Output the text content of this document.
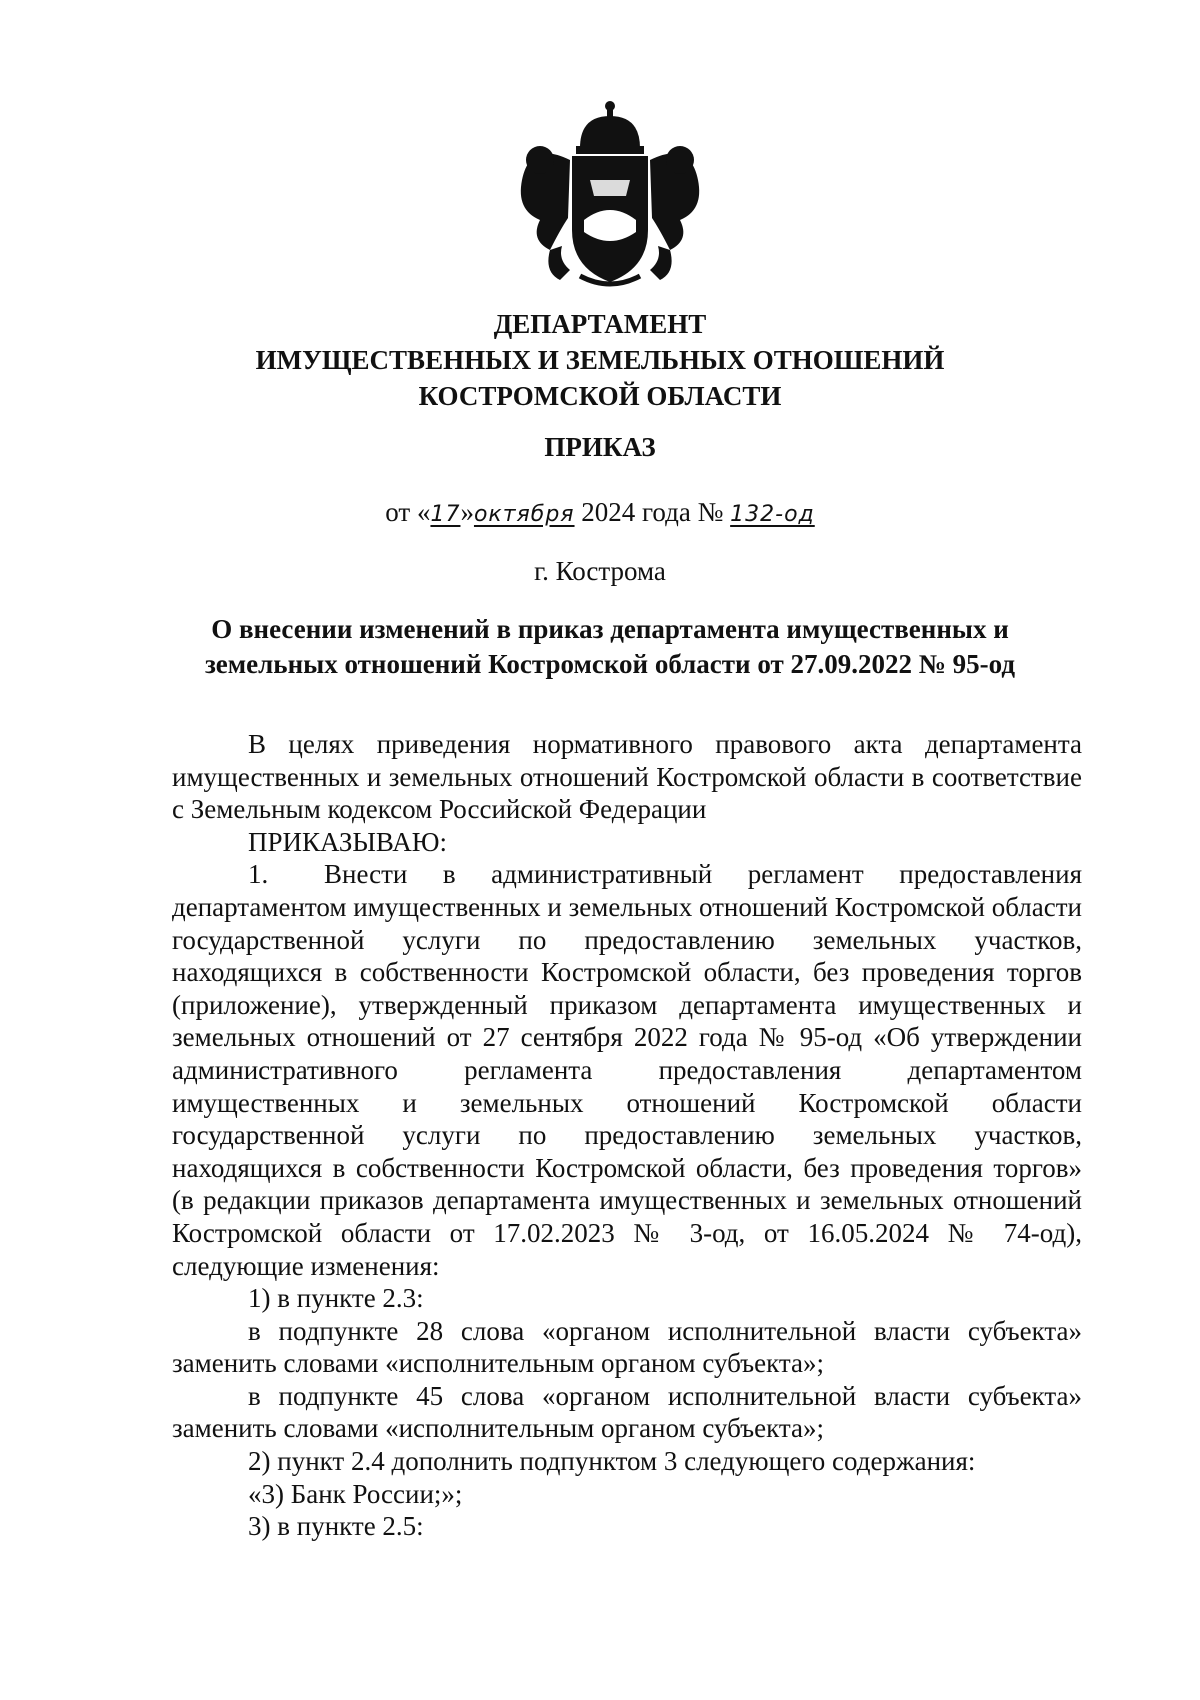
ДЕПАРТАМЕНТ
ИМУЩЕСТВЕННЫХ И ЗЕМЕЛЬНЫХ ОТНОШЕНИЙ
КОСТРОМСКОЙ ОБЛАСТИ
ПРИКАЗ
от «17»октября 2024 года № 132-од
г. Кострома
О внесении изменений в приказ департамента имущественных и
земельных отношений Костромской области от 27.09.2022 № 95-од

В целях приведения нормативного правового акта департамента имущественных и земельных отношений Костромской области в соответствие с Земельным кодексом Российской Федерации

ПРИКАЗЫВАЮ:

1. Внести в административный регламент предоставления департаментом имущественных и земельных отношений Костромской области государственной услуги по предоставлению земельных участков, находящихся в собственности Костромской области, без проведения торгов (приложение), утвержденный приказом департамента имущественных и земельных отношений от 27 сентября 2022 года № 95-од «Об утверждении административного регламента предоставления департаментом имущественных и земельных отношений Костромской области государственной услуги по предоставлению земельных участков, находящихся в собственности Костромской области, без проведения торгов» (в редакции приказов департамента имущественных и земельных отношений Костромской области от 17.02.2023 № 3-од, от 16.05.2024 № 74-од), следующие изменения:

1) в пункте 2.3:

в подпункте 28 слова «органом исполнительной власти субъекта» заменить словами «исполнительным органом субъекта»;

в подпункте 45 слова «органом исполнительной власти субъекта» заменить словами «исполнительным органом субъекта»;

2) пункт 2.4 дополнить подпунктом 3 следующего содержания:

«3) Банк России;»;

3) в пункте 2.5:
